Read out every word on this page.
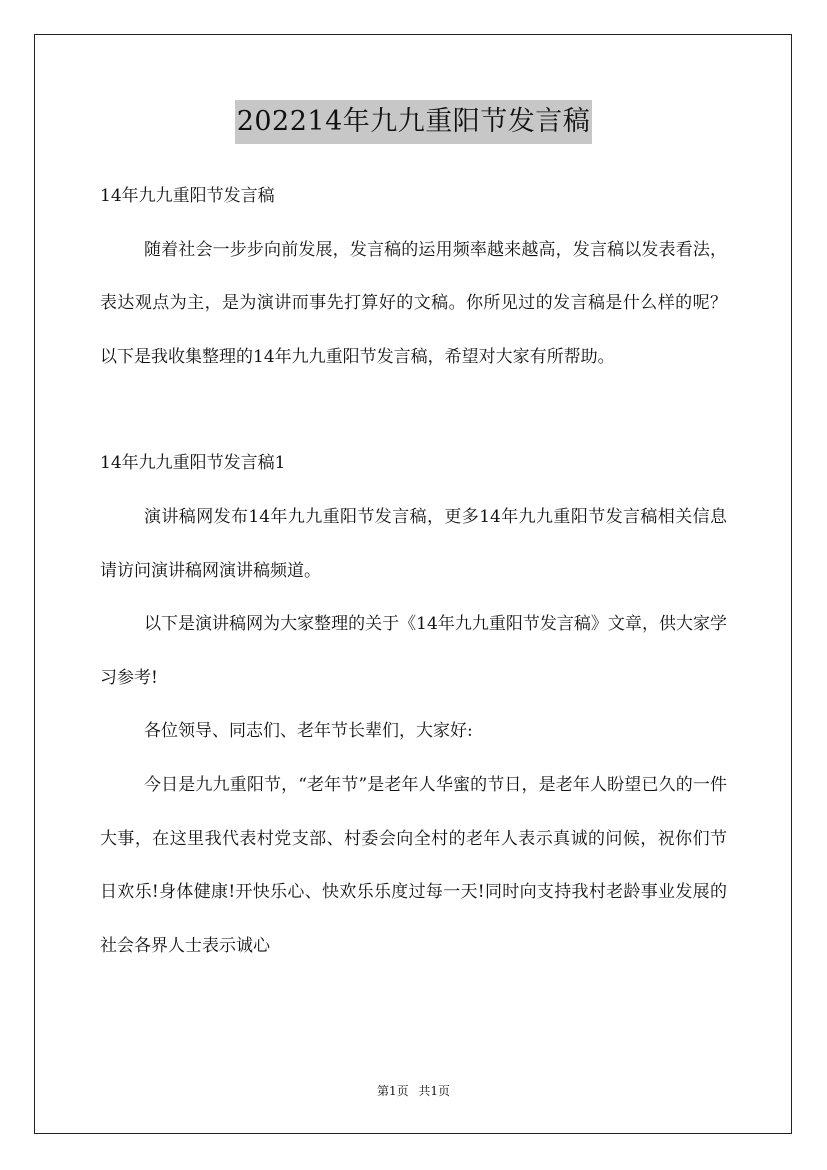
202214年九九重阳节发言稿

14年九九重阳节发言稿

随着社会一步步向前发展，发言稿的运用频率越来越高，发言稿以发表看法，表达观点为主，是为演讲而事先打算好的文稿。你所见过的发言稿是什么样的呢？以下是我收集整理的14年九九重阳节发言稿，希望对大家有所帮助。

14年九九重阳节发言稿1

演讲稿网发布14年九九重阳节发言稿，更多14年九九重阳节发言稿相关信息请访问演讲稿网演讲稿频道。

以下是演讲稿网为大家整理的关于《14年九九重阳节发言稿》文章，供大家学习参考!

各位领导、同志们、老年节长辈们，大家好:

今日是九九重阳节，“老年节”是老年人华蜜的节日，是老年人盼望已久的一件大事，在这里我代表村党支部、村委会向全村的老年人表示真诚的问候，祝你们节日欢乐!身体健康!开快乐心、快欢乐乐度过每一天!同时向支持我村老龄事业发展的社会各界人士表示诚心

第1页 共1页
